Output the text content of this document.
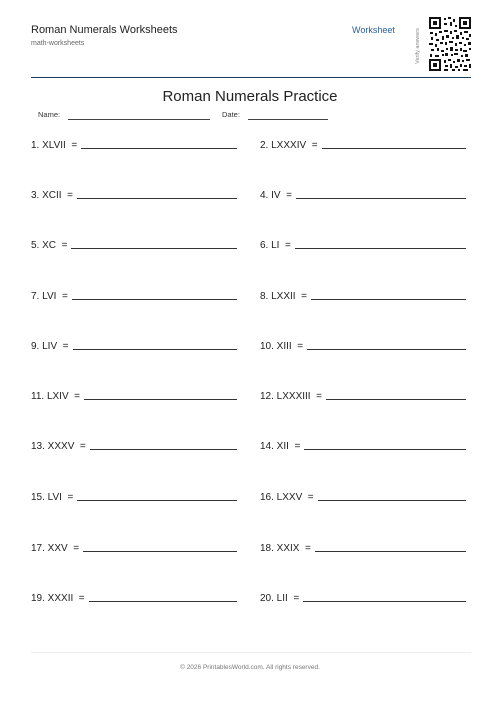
Roman Numerals Worksheets
math-worksheets
Worksheet	Verify answers
Roman Numerals Practice
Name:	Date:
1. XLVII  =	2. LXXXIV  =
3. XCII  =	4. IV  =
5. XC  =	6. LI  =
7. LVI  =	8. LXXII  =
9. LIV  =	10. XIII  =
11. LXIV  =	12. LXXXIII  =
13. XXXV  =	14. XII  =
15. LVI  =	16. LXXV  =
17. XXV  =	18. XXIX  =
19. XXXII  =	20. LII  =
© 2026 PrintablesWorld.com. All rights reserved.
